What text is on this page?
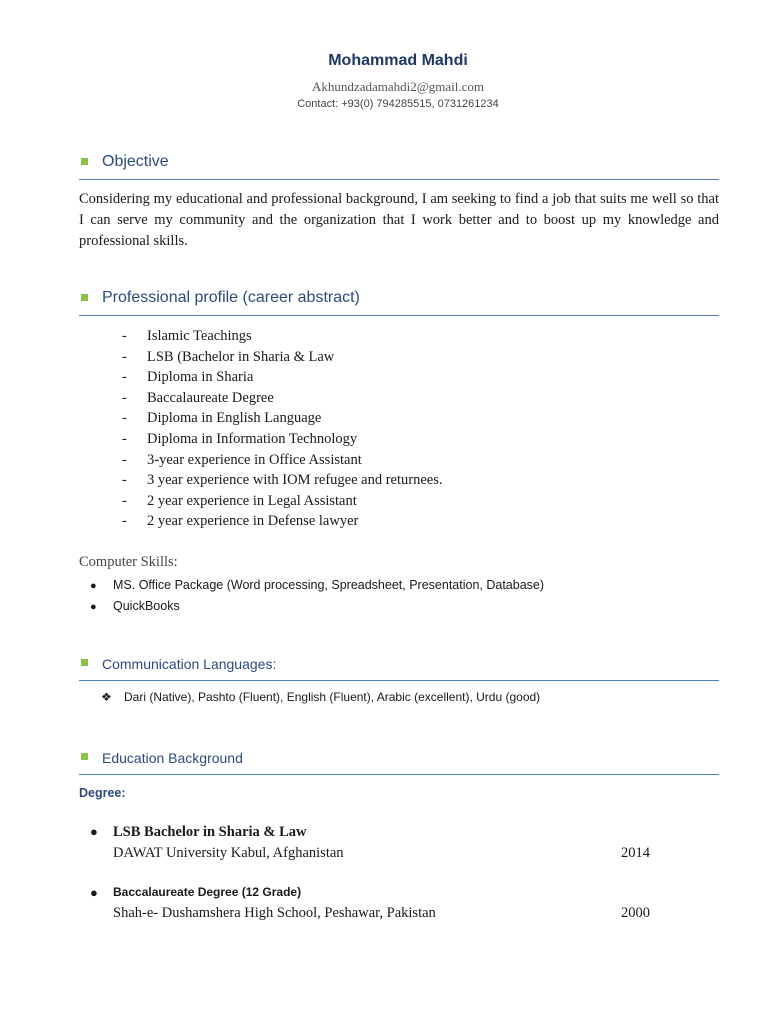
Mohammad Mahdi
Akhundzadamahdi2@gmail.com
Contact: +93(0) 794285515, 0731261234
Objective
Considering my educational and professional background, I am seeking to find a job that suits me well so that I can serve my community and the organization that I work better and to boost up my knowledge and professional skills.
Professional profile (career abstract)
- Islamic Teachings
- LSB (Bachelor in Sharia & Law
- Diploma in Sharia
- Baccalaureate Degree
- Diploma in English Language
- Diploma in Information Technology
- 3-year experience in Office Assistant
- 3 year experience with IOM refugee and returnees.
- 2 year experience in Legal Assistant
- 2 year experience in Defense lawyer
Computer Skills:
● MS. Office Package (Word processing, Spreadsheet, Presentation, Database)
● QuickBooks
Communication Languages:
❖ Dari (Native), Pashto (Fluent), English (Fluent), Arabic (excellent), Urdu (good)
Education Background
Degree:
● LSB Bachelor in Sharia & Law
DAWAT University Kabul, Afghanistan	2014
● Baccalaureate Degree (12 Grade)
Shah-e- Dushamshera High School, Peshawar, Pakistan	2000
